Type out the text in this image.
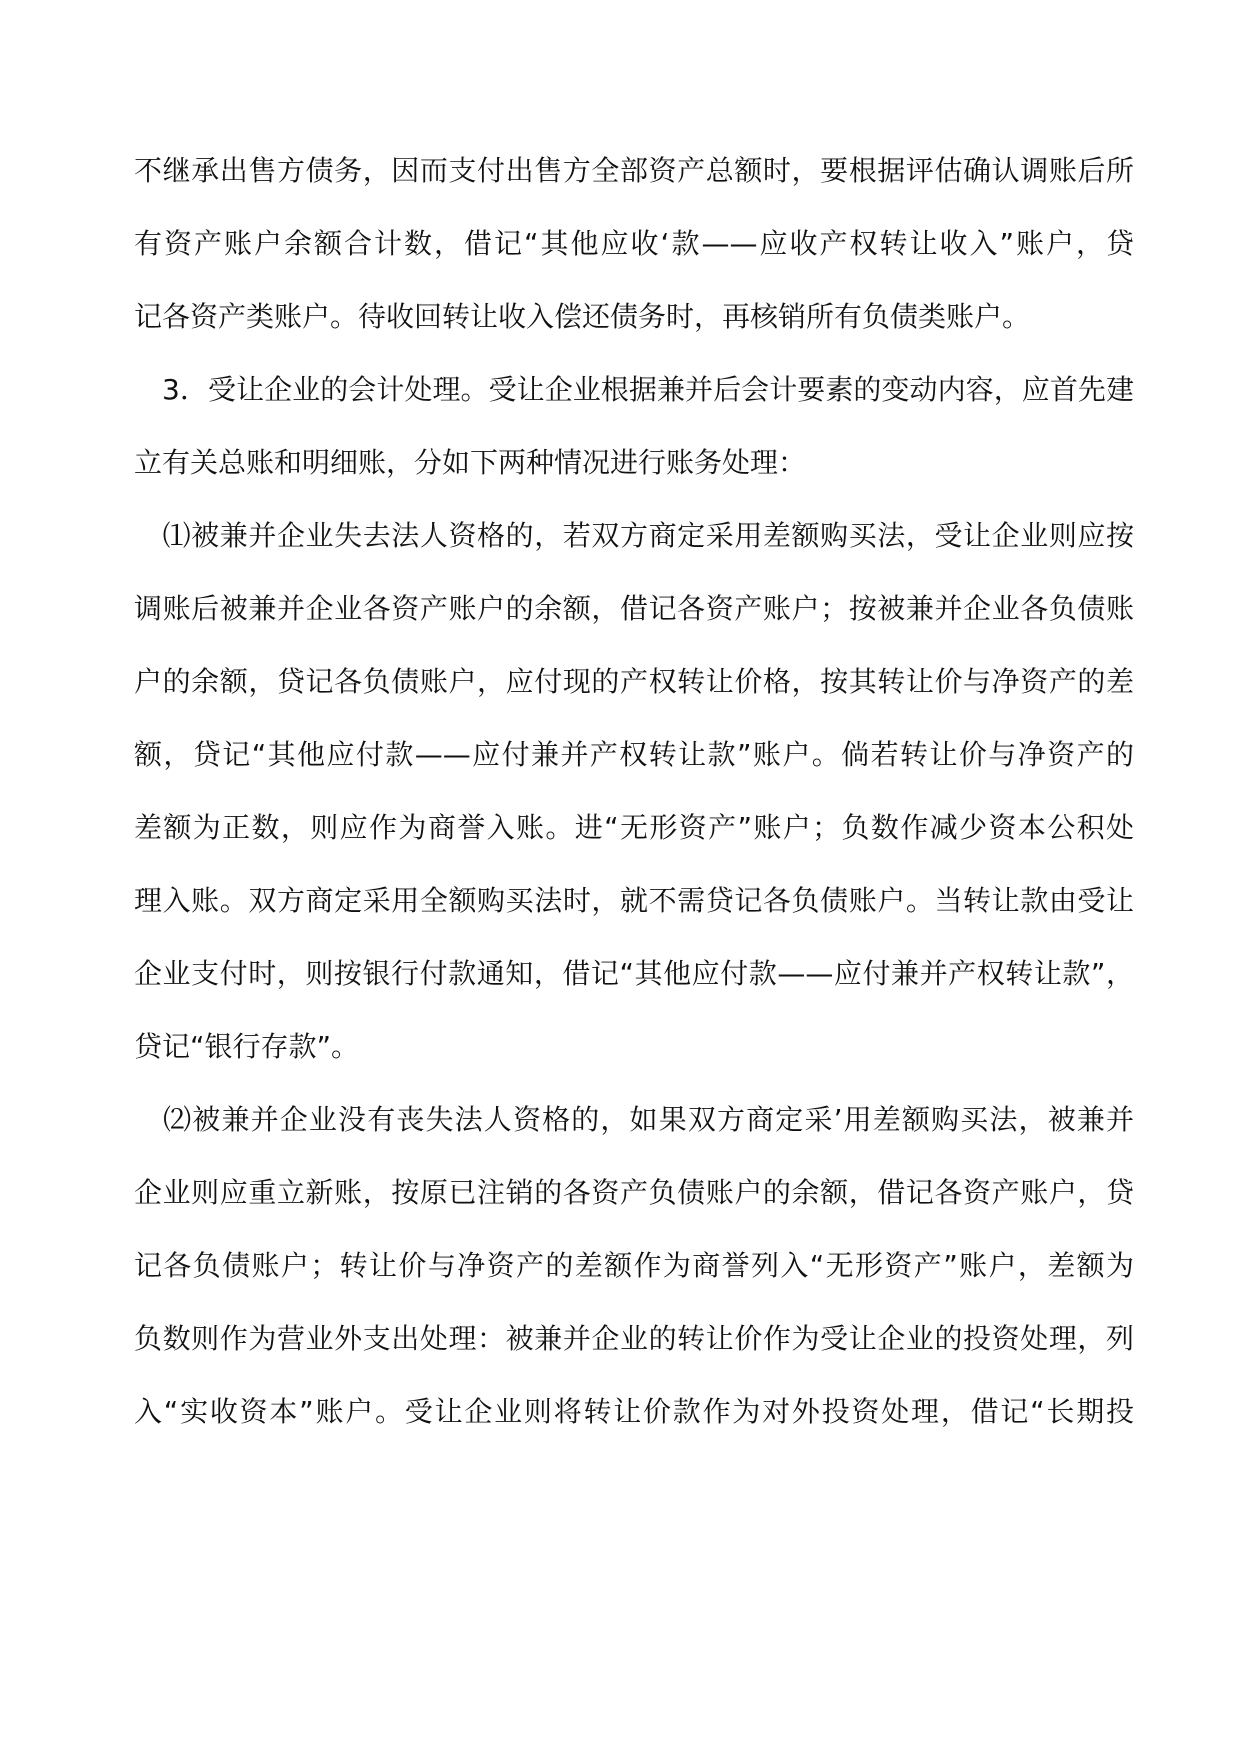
不继承出售方债务，因而支付出售方全部资产总额时，要根据评估确认调账后所
有资产账户余额合计数，借记“其他应收‘款——应收产权转让收入”账户，贷
记各资产类账户。待收回转让收入偿还债务时，再核销所有负债类账户。
　3．受让企业的会计处理。受让企业根据兼并后会计要素的变动内容，应首先建
立有关总账和明细账，分如下两种情况进行账务处理：
　⑴被兼并企业失去法人资格的，若双方商定采用差额购买法，受让企业则应按
调账后被兼并企业各资产账户的余额，借记各资产账户；按被兼并企业各负债账
户的余额，贷记各负债账户，应付现的产权转让价格，按其转让价与净资产的差
额，贷记“其他应付款——应付兼并产权转让款”账户。倘若转让价与净资产的
差额为正数，则应作为商誉入账。进“无形资产”账户；负数作减少资本公积处
理入账。双方商定采用全额购买法时，就不需贷记各负债账户。当转让款由受让
企业支付时，则按银行付款通知，借记“其他应付款——应付兼并产权转让款”，
贷记“银行存款”。
　⑵被兼并企业没有丧失法人资格的，如果双方商定采’用差额购买法，被兼并
企业则应重立新账，按原已注销的各资产负债账户的余额，借记各资产账户，贷
记各负债账户；转让价与净资产的差额作为商誉列入“无形资产”账户，差额为
负数则作为营业外支出处理：被兼并企业的转让价作为受让企业的投资处理，列
入“实收资本”账户。受让企业则将转让价款作为对外投资处理，借记“长期投
